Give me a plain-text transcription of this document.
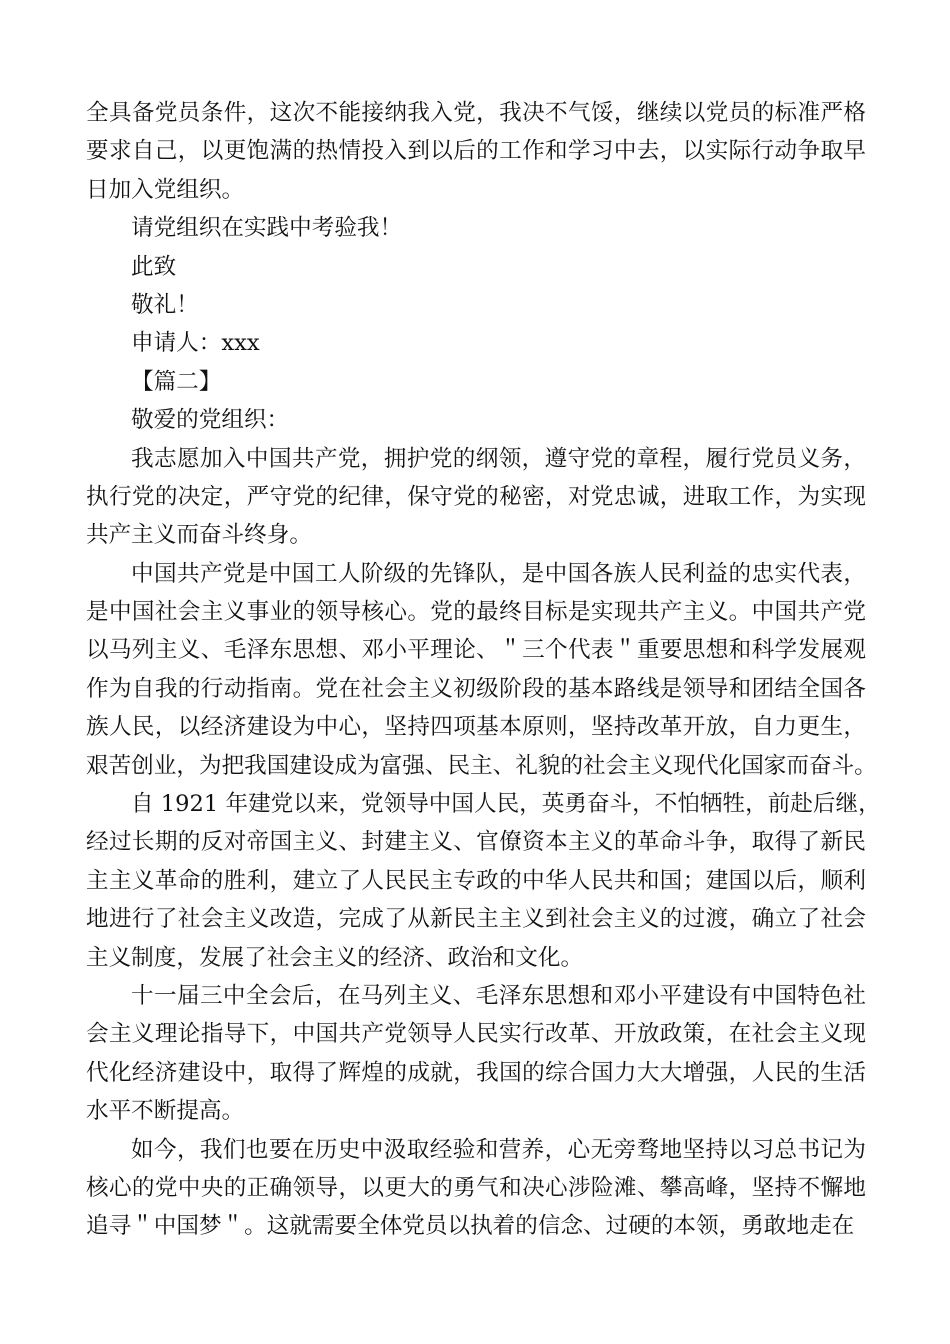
全具备党员条件，这次不能接纳我入党，我决不气馁，继续以党员的标准严格
要求自己，以更饱满的热情投入到以后的工作和学习中去，以实际行动争取早
日加入党组织。
请党组织在实践中考验我！
此致
敬礼！
申请人：xxx
【篇二】
敬爱的党组织：
我志愿加入中国共产党，拥护党的纲领，遵守党的章程，履行党员义务，
执行党的决定，严守党的纪律，保守党的秘密，对党忠诚，进取工作，为实现
共产主义而奋斗终身。
中国共产党是中国工人阶级的先锋队，是中国各族人民利益的忠实代表，
是中国社会主义事业的领导核心。党的最终目标是实现共产主义。中国共产党
以马列主义、毛泽东思想、邓小平理论、＂三个代表＂重要思想和科学发展观
作为自我的行动指南。党在社会主义初级阶段的基本路线是领导和团结全国各
族人民，以经济建设为中心，坚持四项基本原则，坚持改革开放，自力更生，
艰苦创业，为把我国建设成为富强、民主、礼貌的社会主义现代化国家而奋斗。
自 1921 年建党以来，党领导中国人民，英勇奋斗，不怕牺牲，前赴后继，
经过长期的反对帝国主义、封建主义、官僚资本主义的革命斗争，取得了新民
主主义革命的胜利，建立了人民民主专政的中华人民共和国；建国以后，顺利
地进行了社会主义改造，完成了从新民主主义到社会主义的过渡，确立了社会
主义制度，发展了社会主义的经济、政治和文化。
十一届三中全会后，在马列主义、毛泽东思想和邓小平建设有中国特色社
会主义理论指导下，中国共产党领导人民实行改革、开放政策，在社会主义现
代化经济建设中，取得了辉煌的成就，我国的综合国力大大增强，人民的生活
水平不断提高。
如今，我们也要在历史中汲取经验和营养，心无旁骛地坚持以习总书记为
核心的党中央的正确领导，以更大的勇气和决心涉险滩、攀高峰，坚持不懈地
追寻＂中国梦＂。这就需要全体党员以执着的信念、过硬的本领，勇敢地走在
